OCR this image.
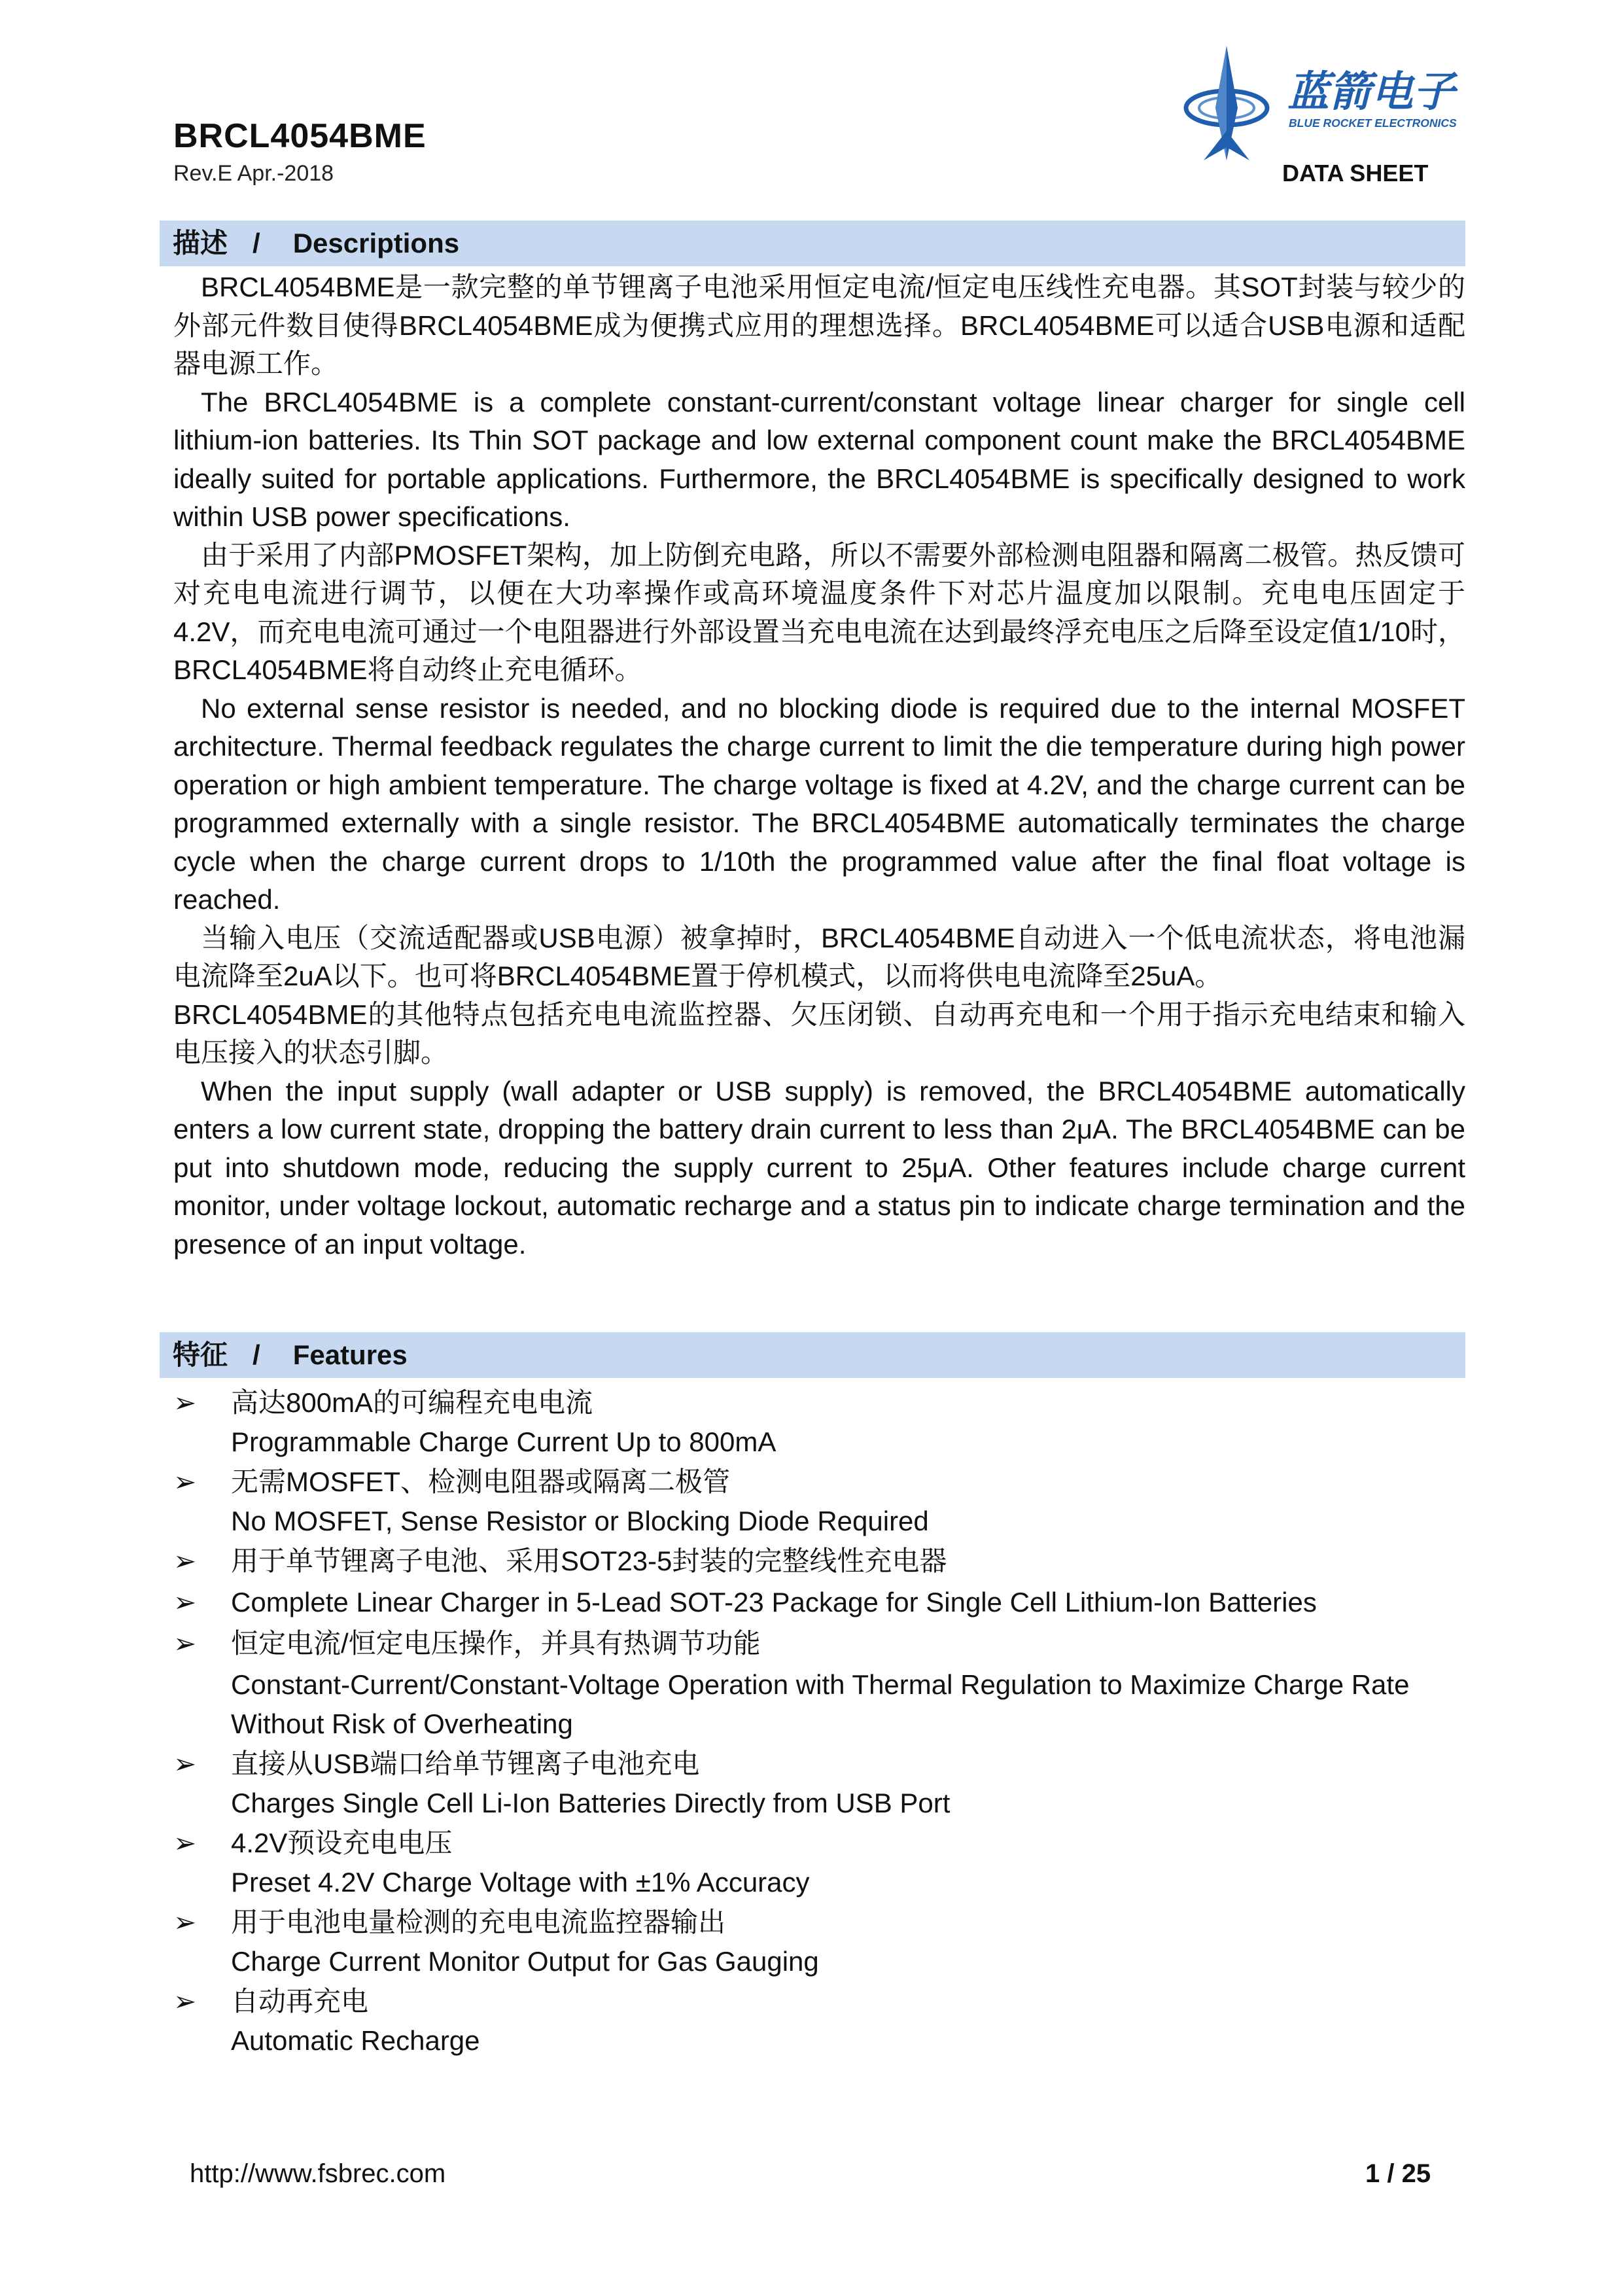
BRCL4054BME
Rev.E Apr.-2018	DATA SHEET
蓝箭电子
BLUE ROCKET ELECTRONICS
描述 / Descriptions

BRCL4054BME是一款完整的单节锂离子电池采用恒定电流/恒定电压线性充电器。其SOT封装与较少的外部元件数目使得BRCL4054BME成为便携式应用的理想选择。BRCL4054BME可以适合USB电源和适配器电源工作。

The BRCL4054BME is a complete constant-current/constant voltage linear charger for single cell lithium-ion batteries. Its Thin SOT package and low external component count make the BRCL4054BME ideally suited for portable applications. Furthermore, the BRCL4054BME is specifically designed to work within USB power specifications.

由于采用了内部PMOSFET架构，加上防倒充电路，所以不需要外部检测电阻器和隔离二极管。热反馈可对充电电流进行调节，以便在大功率操作或高环境温度条件下对芯片温度加以限制。充电电压固定于4.2V，而充电电流可通过一个电阻器进行外部设置当充电电流在达到最终浮充电压之后降至设定值1/10时，BRCL4054BME将自动终止充电循环。

No external sense resistor is needed, and no blocking diode is required due to the internal MOSFET architecture. Thermal feedback regulates the charge current to limit the die temperature during high power operation or high ambient temperature. The charge voltage is fixed at 4.2V, and the charge current can be programmed externally with a single resistor. The BRCL4054BME automatically terminates the charge cycle when the charge current drops to 1/10th the programmed value after the final float voltage is reached.

当输入电压（交流适配器或USB电源）被拿掉时，BRCL4054BME自动进入一个低电流状态，将电池漏电流降至2uA以下。也可将BRCL4054BME置于停机模式，以而将供电电流降至25uA。

BRCL4054BME的其他特点包括充电电流监控器、欠压闭锁、自动再充电和一个用于指示充电结束和输入电压接入的状态引脚。

When the input supply (wall adapter or USB supply) is removed, the BRCL4054BME automatically enters a low current state, dropping the battery drain current to less than 2μA. The BRCL4054BME can be put into shutdown mode, reducing the supply current to 25μA. Other features include charge current monitor, under voltage lockout, automatic recharge and a status pin to indicate charge termination and the presence of an input voltage.

特征 / Features
➢ 高达800mA的可编程充电电流
Programmable Charge Current Up to 800mA
➢ 无需MOSFET、检测电阻器或隔离二极管
No MOSFET, Sense Resistor or Blocking Diode Required
➢ 用于单节锂离子电池、采用SOT23-5封装的完整线性充电器
➢ Complete Linear Charger in 5-Lead SOT-23 Package for Single Cell Lithium-Ion Batteries
➢ 恒定电流/恒定电压操作，并具有热调节功能
Constant-Current/Constant-Voltage Operation with Thermal Regulation to Maximize Charge Rate
Without Risk of Overheating
➢ 直接从USB端口给单节锂离子电池充电
Charges Single Cell Li-Ion Batteries Directly from USB Port
➢ 4.2V预设充电电压
Preset 4.2V Charge Voltage with ±1% Accuracy
➢ 用于电池电量检测的充电电流监控器输出
Charge Current Monitor Output for Gas Gauging
➢ 自动再充电
Automatic Recharge
http://www.fsbrec.com	1 / 25
